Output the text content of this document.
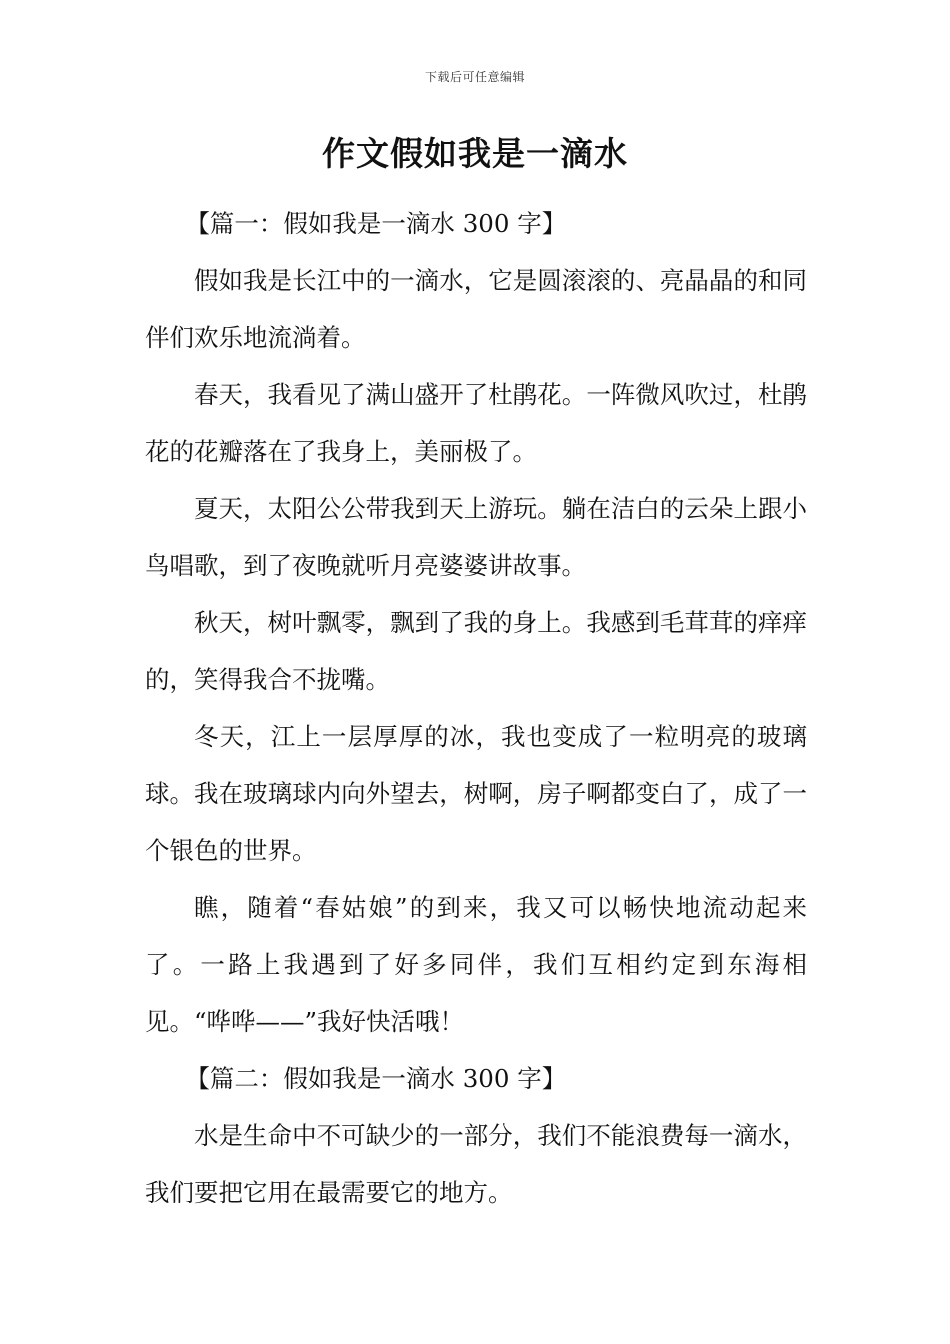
下载后可任意编辑
作文假如我是一滴水

【篇一：假如我是一滴水 300 字】

假如我是长江中的一滴水，它是圆滚滚的、亮晶晶的和同伴们欢乐地流淌着。

春天，我看见了满山盛开了杜鹃花。一阵微风吹过，杜鹃花的花瓣落在了我身上，美丽极了。

夏天，太阳公公带我到天上游玩。躺在洁白的云朵上跟小鸟唱歌，到了夜晚就听月亮婆婆讲故事。

秋天，树叶飘零，飘到了我的身上。我感到毛茸茸的痒痒的，笑得我合不拢嘴。

冬天，江上一层厚厚的冰，我也变成了一粒明亮的玻璃球。我在玻璃球内向外望去，树啊，房子啊都变白了，成了一个银色的世界。

瞧，随着“春姑娘”的到来，我又可以畅快地流动起来了。一路上我遇到了好多同伴，我们互相约定到东海相见。“哗哗——”我好快活哦！

【篇二：假如我是一滴水 300 字】

水是生命中不可缺少的一部分，我们不能浪费每一滴水，我们要把它用在最需要它的地方。
